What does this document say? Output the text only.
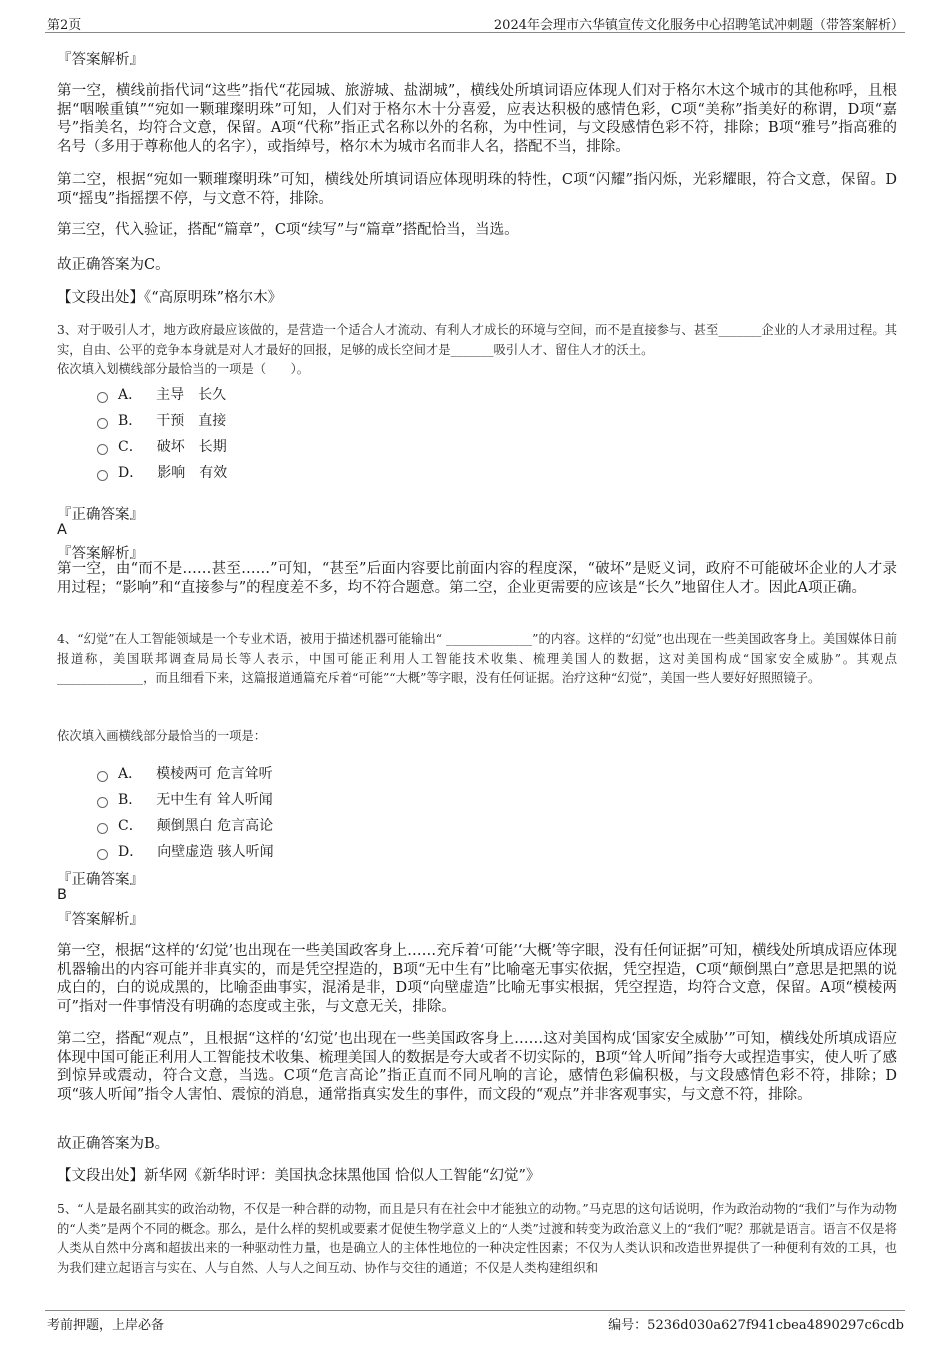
第2页	2024年会理市六华镇宣传文化服务中心招聘笔试冲刺题（带答案解析）
『答案解析』
第一空，横线前指代词“这些”指代“花园城、旅游城、盐湖城”，横线处所填词语应体现人们对于格尔木这个城市的其他称呼，且根据“咽喉重镇”“宛如一颗璀璨明珠”可知，人们对于格尔木十分喜爱，应表达积极的感情色彩，C项“美称”指美好的称谓，D项“嘉号”指美名，均符合文意，保留。A项“代称”指正式名称以外的名称，为中性词，与文段感情色彩不符，排除；B项“雅号”指高雅的名号（多用于尊称他人的名字），或指绰号，格尔木为城市名而非人名，搭配不当，排除。
第二空，根据“宛如一颗璀璨明珠”可知，横线处所填词语应体现明珠的特性，C项“闪耀”指闪烁，光彩耀眼，符合文意，保留。D项“摇曳”指摇摆不停，与文意不符，排除。
第三空，代入验证，搭配“篇章”，C项“续写”与“篇章”搭配恰当，当选。
故正确答案为C。
【文段出处】《“高原明珠”格尔木》
3、对于吸引人才，地方政府最应该做的，是营造一个适合人才流动、有利人才成长的环境与空间，而不是直接参与、甚至_______企业的人才录用过程。其实，自由、公平的竞争本身就是对人才最好的回报，足够的成长空间才是_______吸引人才、留住人才的沃土。
依次填入划横线部分最恰当的一项是（　　）。
A． 主导　长久
B． 干预　直接
C． 破坏　长期
D． 影响　有效
『正确答案』
A
『答案解析』
第一空，由“而不是……甚至……”可知，“甚至”后面内容要比前面内容的程度深，“破坏”是贬义词，政府不可能破坏企业的人才录用过程；“影响”和“直接参与”的程度差不多，均不符合题意。第二空，企业更需要的应该是“长久”地留住人才。因此A项正确。
4、“幻觉”在人工智能领域是一个专业术语，被用于描述机器可能输出“ ______________”的内容。这样的“幻觉”也出现在一些美国政客身上。美国媒体日前报道称，美国联邦调查局局长等人表示，中国可能正利用人工智能技术收集、梳理美国人的数据，这对美国构成“国家安全威胁”。其观点 ______________，而且细看下来，这篇报道通篇充斥着“可能”“大概”等字眼，没有任何证据。治疗这种“幻觉”，美国一些人要好好照照镜子。
依次填入画横线部分最恰当的一项是：
A． 模棱两可 危言耸听
B． 无中生有 耸人听闻
C． 颠倒黑白 危言高论
D． 向壁虚造 骇人听闻
『正确答案』
B
『答案解析』
第一空，根据“这样的‘幻觉’也出现在一些美国政客身上……充斥着‘可能’‘大概’等字眼，没有任何证据”可知，横线处所填成语应体现机器输出的内容可能并非真实的，而是凭空捏造的，B项“无中生有”比喻毫无事实依据，凭空捏造，C项“颠倒黑白”意思是把黑的说成白的，白的说成黑的，比喻歪曲事实，混淆是非，D项“向壁虚造”比喻无事实根据，凭空捏造，均符合文意，保留。A项“模棱两可”指对一件事情没有明确的态度或主张，与文意无关，排除。
第二空，搭配“观点”，且根据“这样的‘幻觉’也出现在一些美国政客身上……这对美国构成‘国家安全威胁’”可知，横线处所填成语应体现中国可能正利用人工智能技术收集、梳理美国人的数据是夸大或者不切实际的，B项“耸人听闻”指夸大或捏造事实，使人听了感到惊异或震动，符合文意，当选。C项“危言高论”指正直而不同凡响的言论，感情色彩偏积极，与文段感情色彩不符，排除；D项“骇人听闻”指令人害怕、震惊的消息，通常指真实发生的事件，而文段的“观点”并非客观事实，与文意不符，排除。
故正确答案为B。
【文段出处】新华网《新华时评：美国执念抹黑他国 恰似人工智能“幻觉”》
5、“人是最名副其实的政治动物，不仅是一种合群的动物，而且是只有在社会中才能独立的动物。”马克思的这句话说明，作为政治动物的“我们”与作为动物的“人类”是两个不同的概念。那么，是什么样的契机或要素才促使生物学意义上的“人类”过渡和转变为政治意义上的“我们”呢？那就是语言。语言不仅是将人类从自然中分离和超拔出来的一种驱动性力量，也是确立人的主体性地位的一种决定性因素；不仅为人类认识和改造世界提供了一种便利有效的工具，也为我们建立起语言与实在、人与自然、人与人之间互动、协作与交往的通道；不仅是人类构建组织和
考前押题，上岸必备	编号：5236d030a627f941cbea4890297c6cdb
